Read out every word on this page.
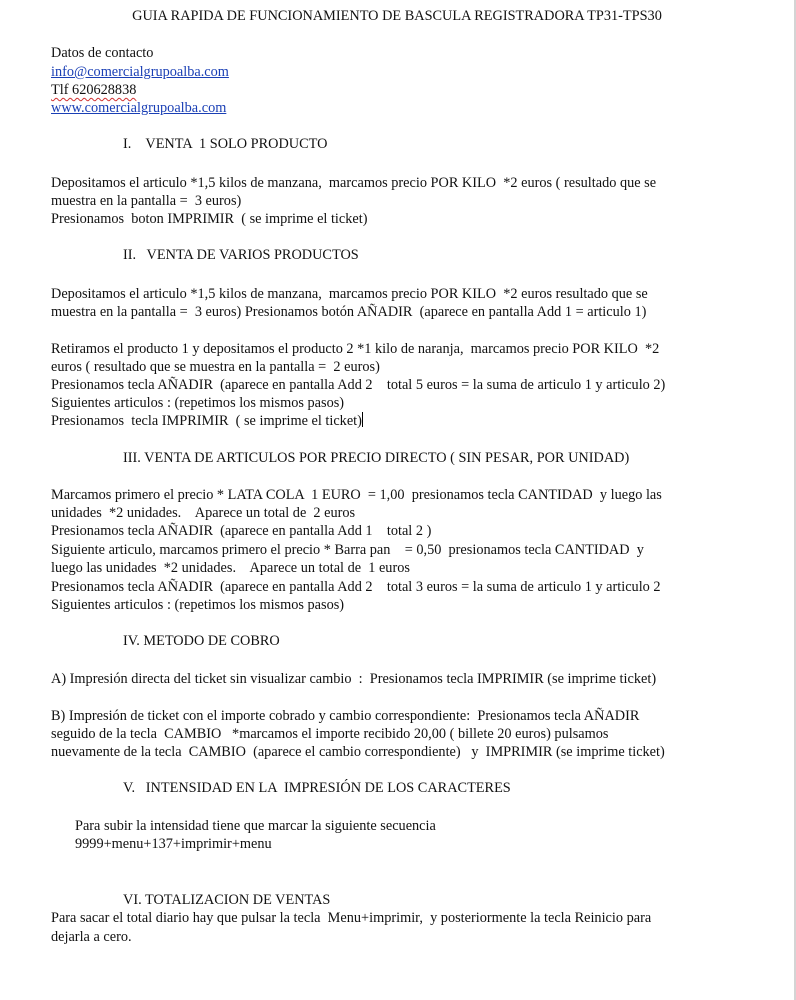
GUIA RAPIDA DE FUNCIONAMIENTO DE BASCULA REGISTRADORA TP31-TPS30
Datos de contacto
info@comercialgrupoalba.com
Tlf 620628838
www.comercialgrupoalba.com
I.    VENTA  1 SOLO PRODUCTO
Depositamos el articulo *1,5 kilos de manzana,  marcamos precio POR KILO  *2 euros ( resultado que se
muestra en la pantalla =  3 euros)
Presionamos  boton IMPRIMIR  ( se imprime el ticket)
II.   VENTA DE VARIOS PRODUCTOS
Depositamos el articulo *1,5 kilos de manzana,  marcamos precio POR KILO  *2 euros resultado que se
muestra en la pantalla =  3 euros) Presionamos botón AÑADIR  (aparece en pantalla Add 1 = articulo 1)
Retiramos el producto 1 y depositamos el producto 2 *1 kilo de naranja,  marcamos precio POR KILO  *2
euros ( resultado que se muestra en la pantalla =  2 euros)
Presionamos tecla AÑADIR  (aparece en pantalla Add 2    total 5 euros = la suma de articulo 1 y articulo 2)
Siguientes articulos : (repetimos los mismos pasos)
Presionamos  tecla IMPRIMIR  ( se imprime el ticket)
III. VENTA DE ARTICULOS POR PRECIO DIRECTO ( SIN PESAR, POR UNIDAD)
Marcamos primero el precio * LATA COLA  1 EURO  = 1,00  presionamos tecla CANTIDAD  y luego las
unidades  *2 unidades.    Aparece un total de  2 euros
Presionamos tecla AÑADIR  (aparece en pantalla Add 1    total 2 )
Siguiente articulo, marcamos primero el precio * Barra pan    = 0,50  presionamos tecla CANTIDAD  y
luego las unidades  *2 unidades.    Aparece un total de  1 euros
Presionamos tecla AÑADIR  (aparece en pantalla Add 2    total 3 euros = la suma de articulo 1 y articulo 2
Siguientes articulos : (repetimos los mismos pasos)
IV. METODO DE COBRO
A) Impresión directa del ticket sin visualizar cambio  :  Presionamos tecla IMPRIMIR (se imprime ticket)
B) Impresión de ticket con el importe cobrado y cambio correspondiente:  Presionamos tecla AÑADIR
seguido de la tecla  CAMBIO   *marcamos el importe recibido 20,00 ( billete 20 euros) pulsamos
nuevamente de la tecla  CAMBIO  (aparece el cambio correspondiente)   y  IMPRIMIR (se imprime ticket)
V.   INTENSIDAD EN LA  IMPRESIÓN DE LOS CARACTERES
Para subir la intensidad tiene que marcar la siguiente secuencia
9999+menu+137+imprimir+menu
VI. TOTALIZACION DE VENTAS
Para sacar el total diario hay que pulsar la tecla  Menu+imprimir,  y posteriormente la tecla Reinicio para
dejarla a cero.
